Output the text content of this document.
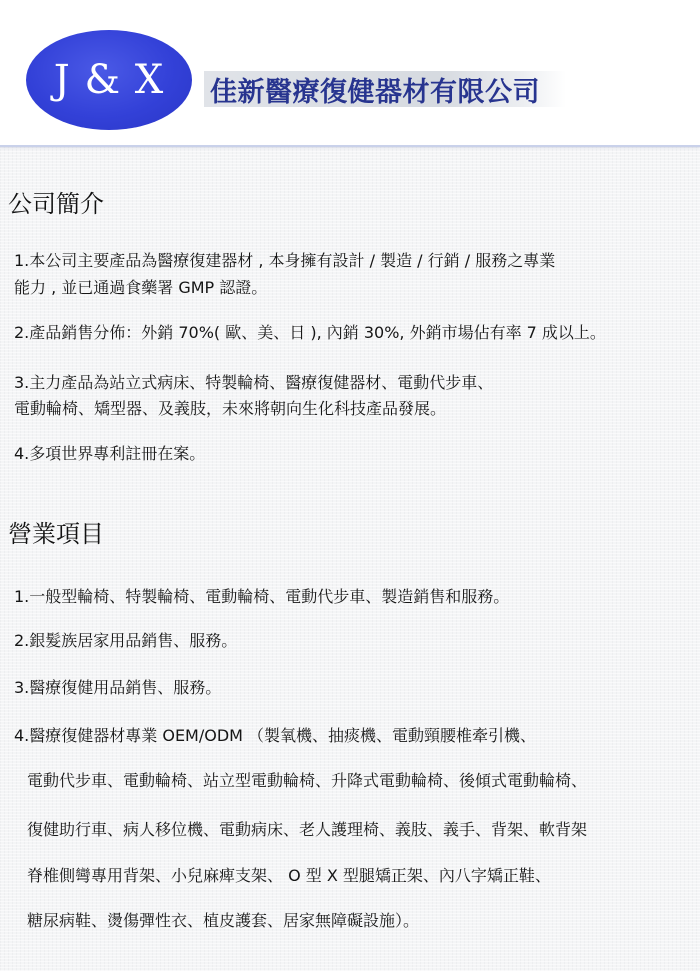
J & X 佳新醫療復健器材有限公司
公司簡介
1.本公司主要產品為醫療復建器材 , 本身擁有設計 / 製造 / 行銷 / 服務之專業
能力 , 並已通過食藥署 GMP 認證。
2.產品銷售分佈：外銷 70%( 歐、美、日 ), 內銷 30%, 外銷市場佔有率 7 成以上。
3.主力產品為站立式病床、特製輪椅、醫療復健器材、電動代步車、
電動輪椅、矯型器、及義肢，未來將朝向生化科技產品發展。
4.多項世界專利註冊在案。
營業項目
1.一般型輪椅、特製輪椅、電動輪椅、電動代步車、製造銷售和服務。
2.銀髮族居家用品銷售、服務。
3.醫療復健用品銷售、服務。
4.醫療復健器材專業 OEM/ODM （製氧機、抽痰機、電動頸腰椎牽引機、
電動代步車、電動輪椅、站立型電動輪椅、升降式電動輪椅、後傾式電動輪椅、
復健助行車、病人移位機、電動病床、老人護理椅、義肢、義手、背架、軟背架
脊椎側彎專用背架、小兒麻痺支架、 O 型 X 型腿矯正架、內八字矯正鞋、
糖尿病鞋、燙傷彈性衣、植皮護套、居家無障礙設施）。
